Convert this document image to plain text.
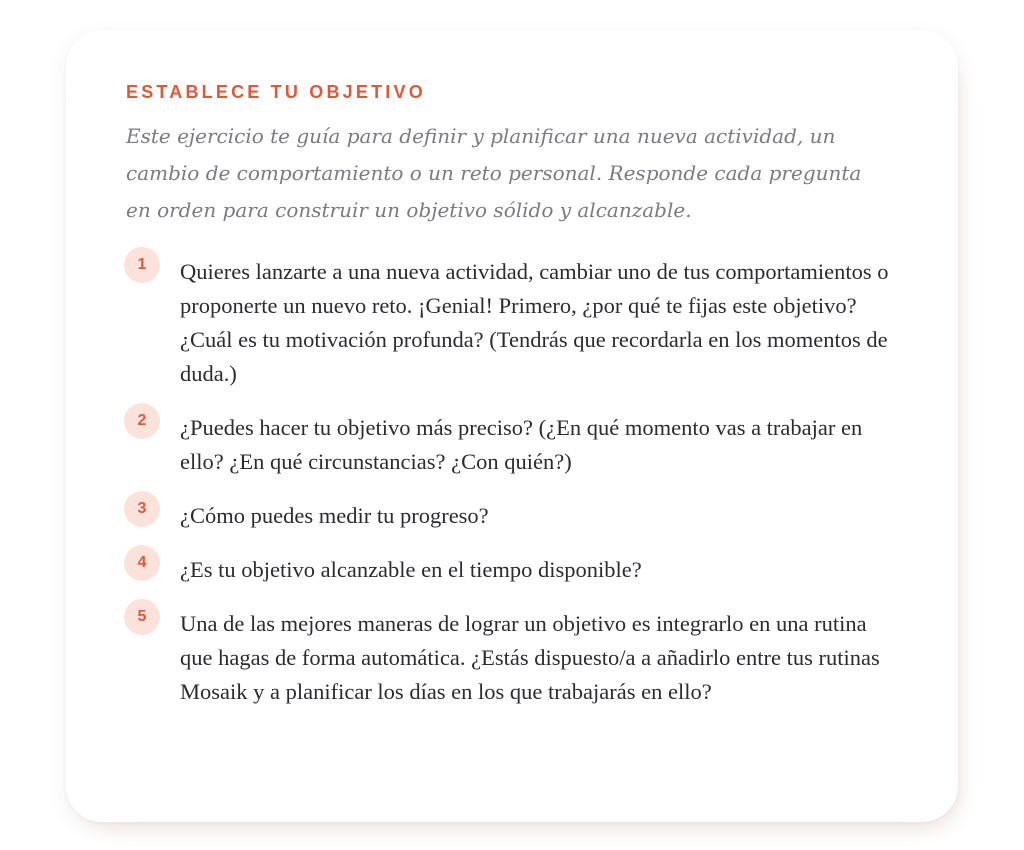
ESTABLECE TU OBJETIVO

Este ejercicio te guía para definir y planificar una nueva actividad, un cambio de comportamiento o un reto personal. Responde cada pregunta en orden para construir un objetivo sólido y alcanzable.

1	Quieres lanzarte a una nueva actividad, cambiar uno de tus comportamientos o proponerte un nuevo reto. ¡Genial! Primero, ¿por qué te fijas este objetivo? ¿Cuál es tu motivación profunda? (Tendrás que recordarla en los momentos de duda.)
2	¿Puedes hacer tu objetivo más preciso? (¿En qué momento vas a trabajar en ello? ¿En qué circunstancias? ¿Con quién?)
3	¿Cómo puedes medir tu progreso?
4	¿Es tu objetivo alcanzable en el tiempo disponible?
5	Una de las mejores maneras de lograr un objetivo es integrarlo en una rutina que hagas de forma automática. ¿Estás dispuesto/a a añadirlo entre tus rutinas Mosaik y a planificar los días en los que trabajarás en ello?
